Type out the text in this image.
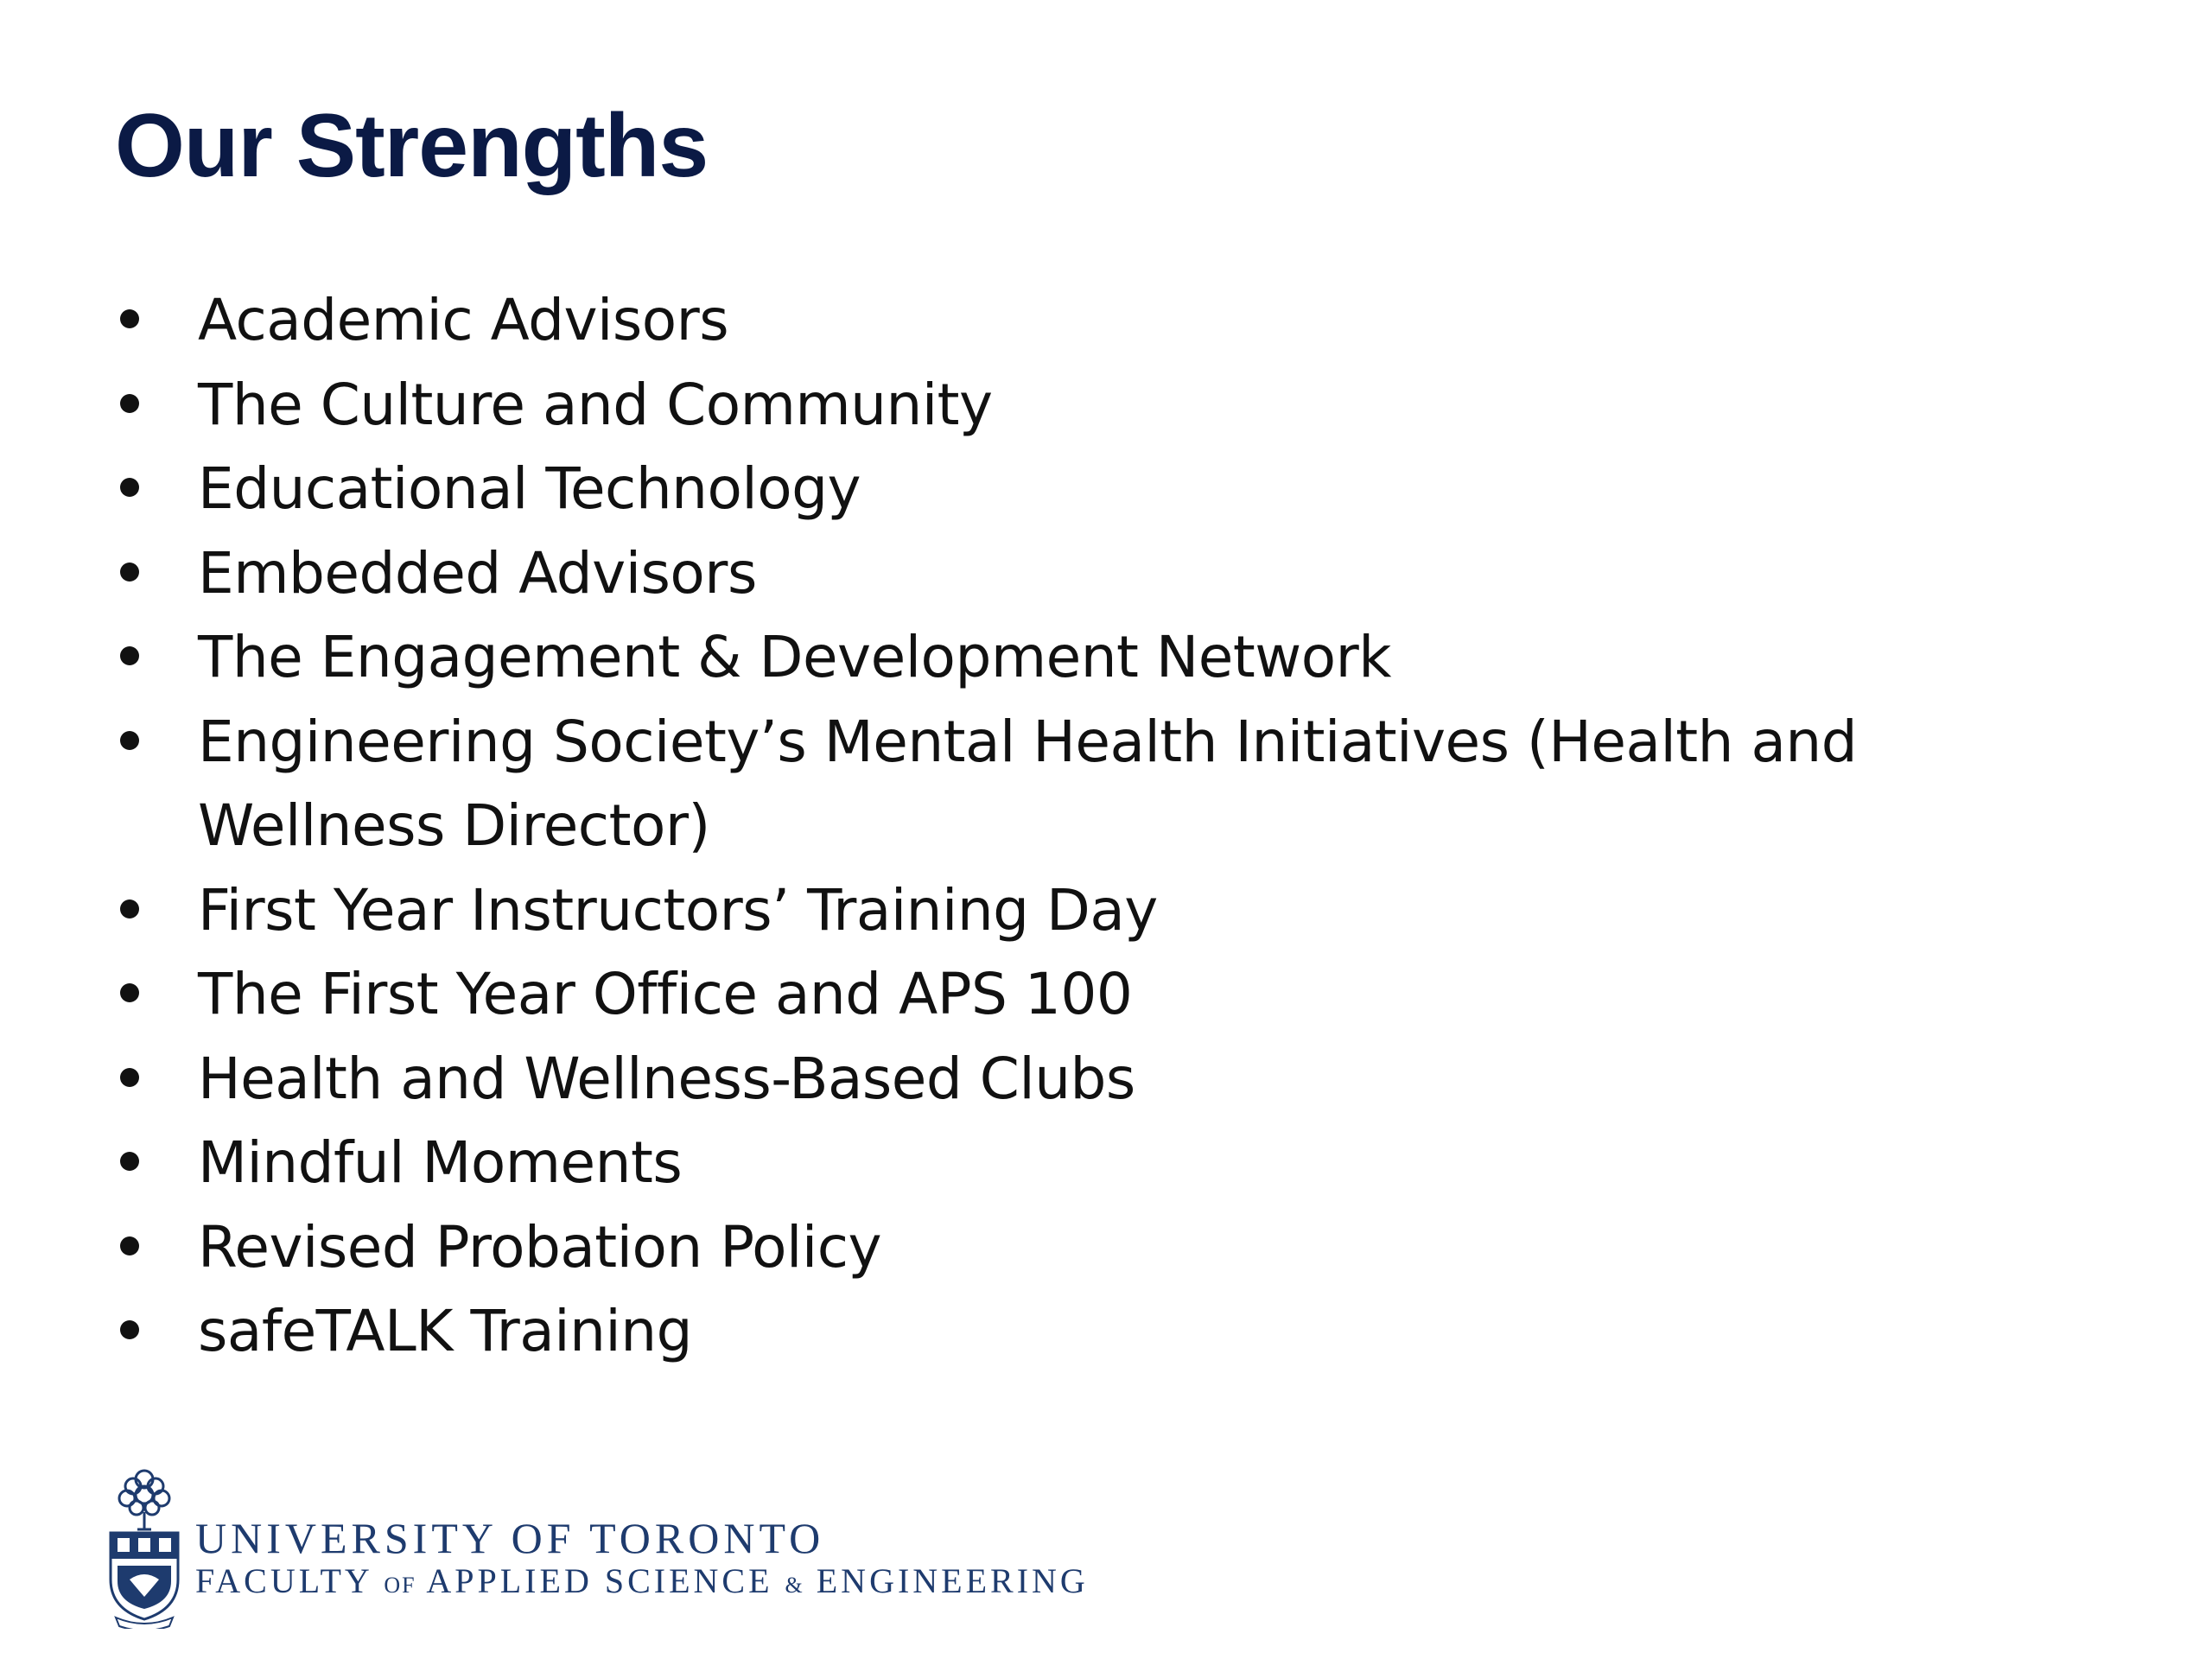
Our Strengths
Academic Advisors
The Culture and Community
Educational Technology
Embedded Advisors
The Engagement & Development Network
Engineering Society’s Mental Health Initiatives (Health and Wellness Director)
First Year Instructors’ Training Day
The First Year Office and APS 100
Health and Wellness-Based Clubs
Mindful Moments
Revised Probation Policy
safeTALK Training
UNIVERSITY OF TORONTO
FACULTY OF APPLIED SCIENCE & ENGINEERING
